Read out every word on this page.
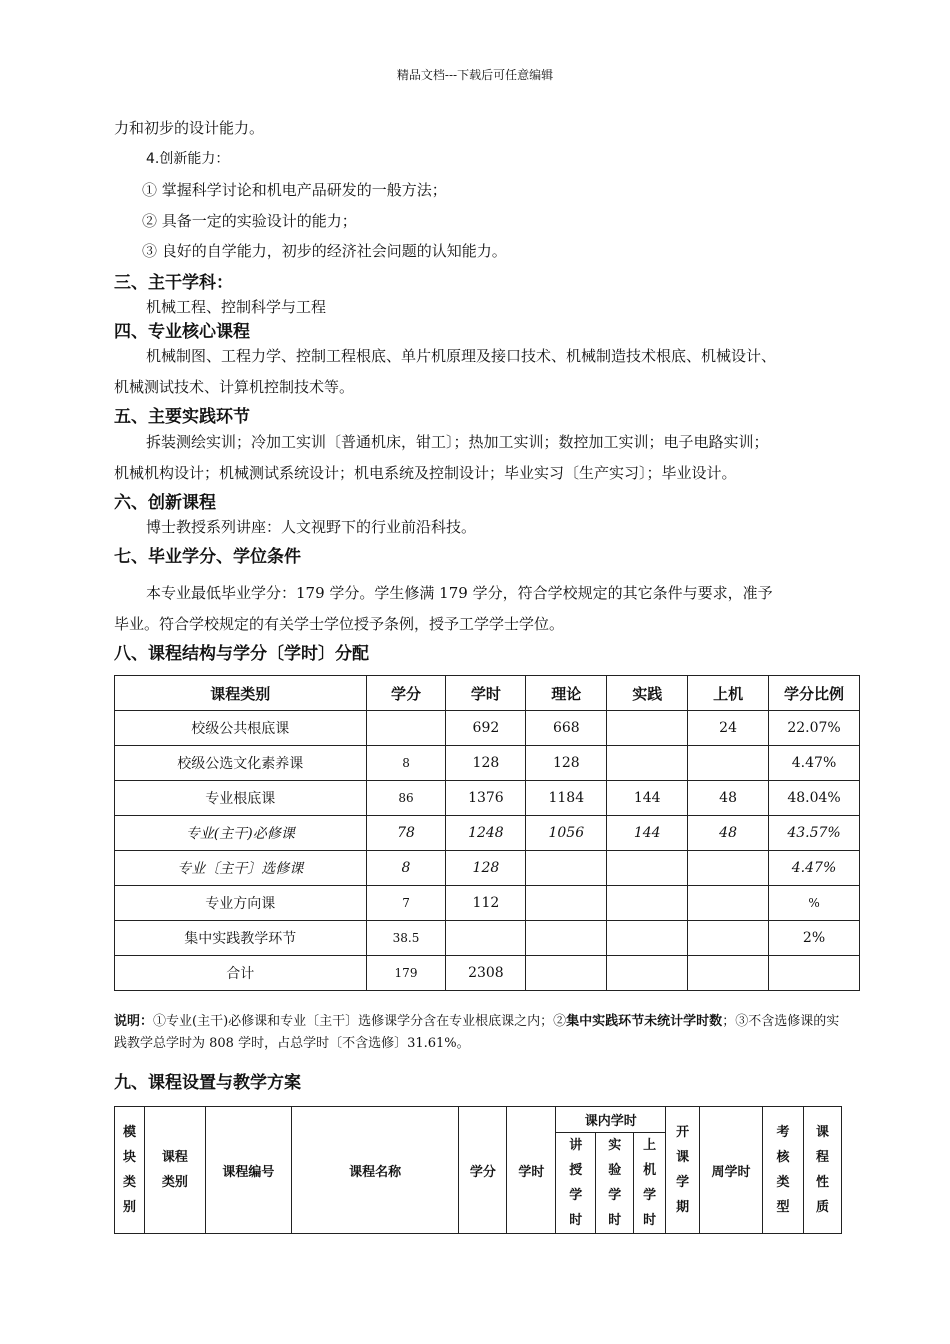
精品文档---下载后可任意编辑
力和初步的设计能力。
4.创新能力：
① 掌握科学讨论和机电产品研发的一般方法；
② 具备一定的实验设计的能力；
③ 良好的自学能力，初步的经济社会问题的认知能力。
三、主干学科：
机械工程、控制科学与工程
四、专业核心课程
机械制图、工程力学、控制工程根底、单片机原理及接口技术、机械制造技术根底、机械设计、
机械测试技术、计算机控制技术等。
五、主要实践环节
拆装测绘实训；冷加工实训〔普通机床，钳工〕；热加工实训；数控加工实训；电子电路实训；
机械机构设计；机械测试系统设计；机电系统及控制设计；毕业实习〔生产实习〕；毕业设计。
六、创新课程
博士教授系列讲座：人文视野下的行业前沿科技。
七、毕业学分、学位条件
本专业最低毕业学分：179 学分。学生修满 179 学分，符合学校规定的其它条件与要求，准予
毕业。符合学校规定的有关学士学位授予条例，授予工学学士学位。
八、课程结构与学分〔学时〕分配
课程类别	学分	学时	理论	实践	上机	学分比例
校级公共根底课		692	668		24	22.07%
校级公选文化素养课	8	128	128			4.47%
专业根底课	86	1376	1184	144	48	48.04%
专业(主干)必修课	78	1248	1056	144	48	43.57%
专业〔主干〕选修课	8	128				4.47%
专业方向课	7	112				%
集中实践教学环节	38.5					2%
合计	179	2308				
说明：①专业(主干)必修课和专业〔主干〕选修课学分含在专业根底课之内；②集中实践环节未统计学时数；③不含选修课的实践教学总学时为 808 学时，占总学时〔不含选修〕31.61%。
九、课程设置与教学方案
模块类别	课程类别	课程编号	课程名称	学分	学时	课内学时			开课学期	周学时	考核类型	课程性质
						讲授学时	实验学时	上机学时				
